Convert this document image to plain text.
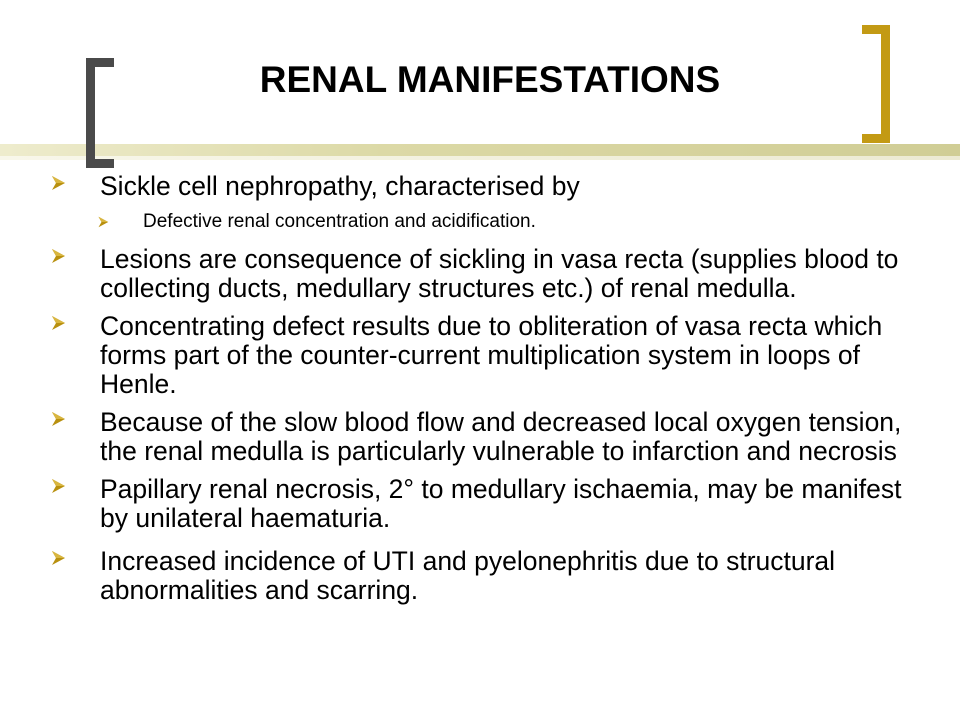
RENAL MANIFESTATIONS
Sickle cell nephropathy, characterised by
Defective renal concentration and acidification.
Lesions are consequence of sickling in vasa recta (supplies blood to collecting ducts, medullary structures etc.) of renal medulla.
Concentrating defect results due to obliteration of vasa recta which forms part of the counter-current multiplication system in loops of Henle.
Because of the slow blood flow and decreased local oxygen tension, the renal medulla is particularly vulnerable to infarction and necrosis
Papillary renal necrosis, 2° to medullary ischaemia, may be manifest by unilateral haematuria.
Increased incidence of UTI and pyelonephritis due to structural abnormalities and scarring.
